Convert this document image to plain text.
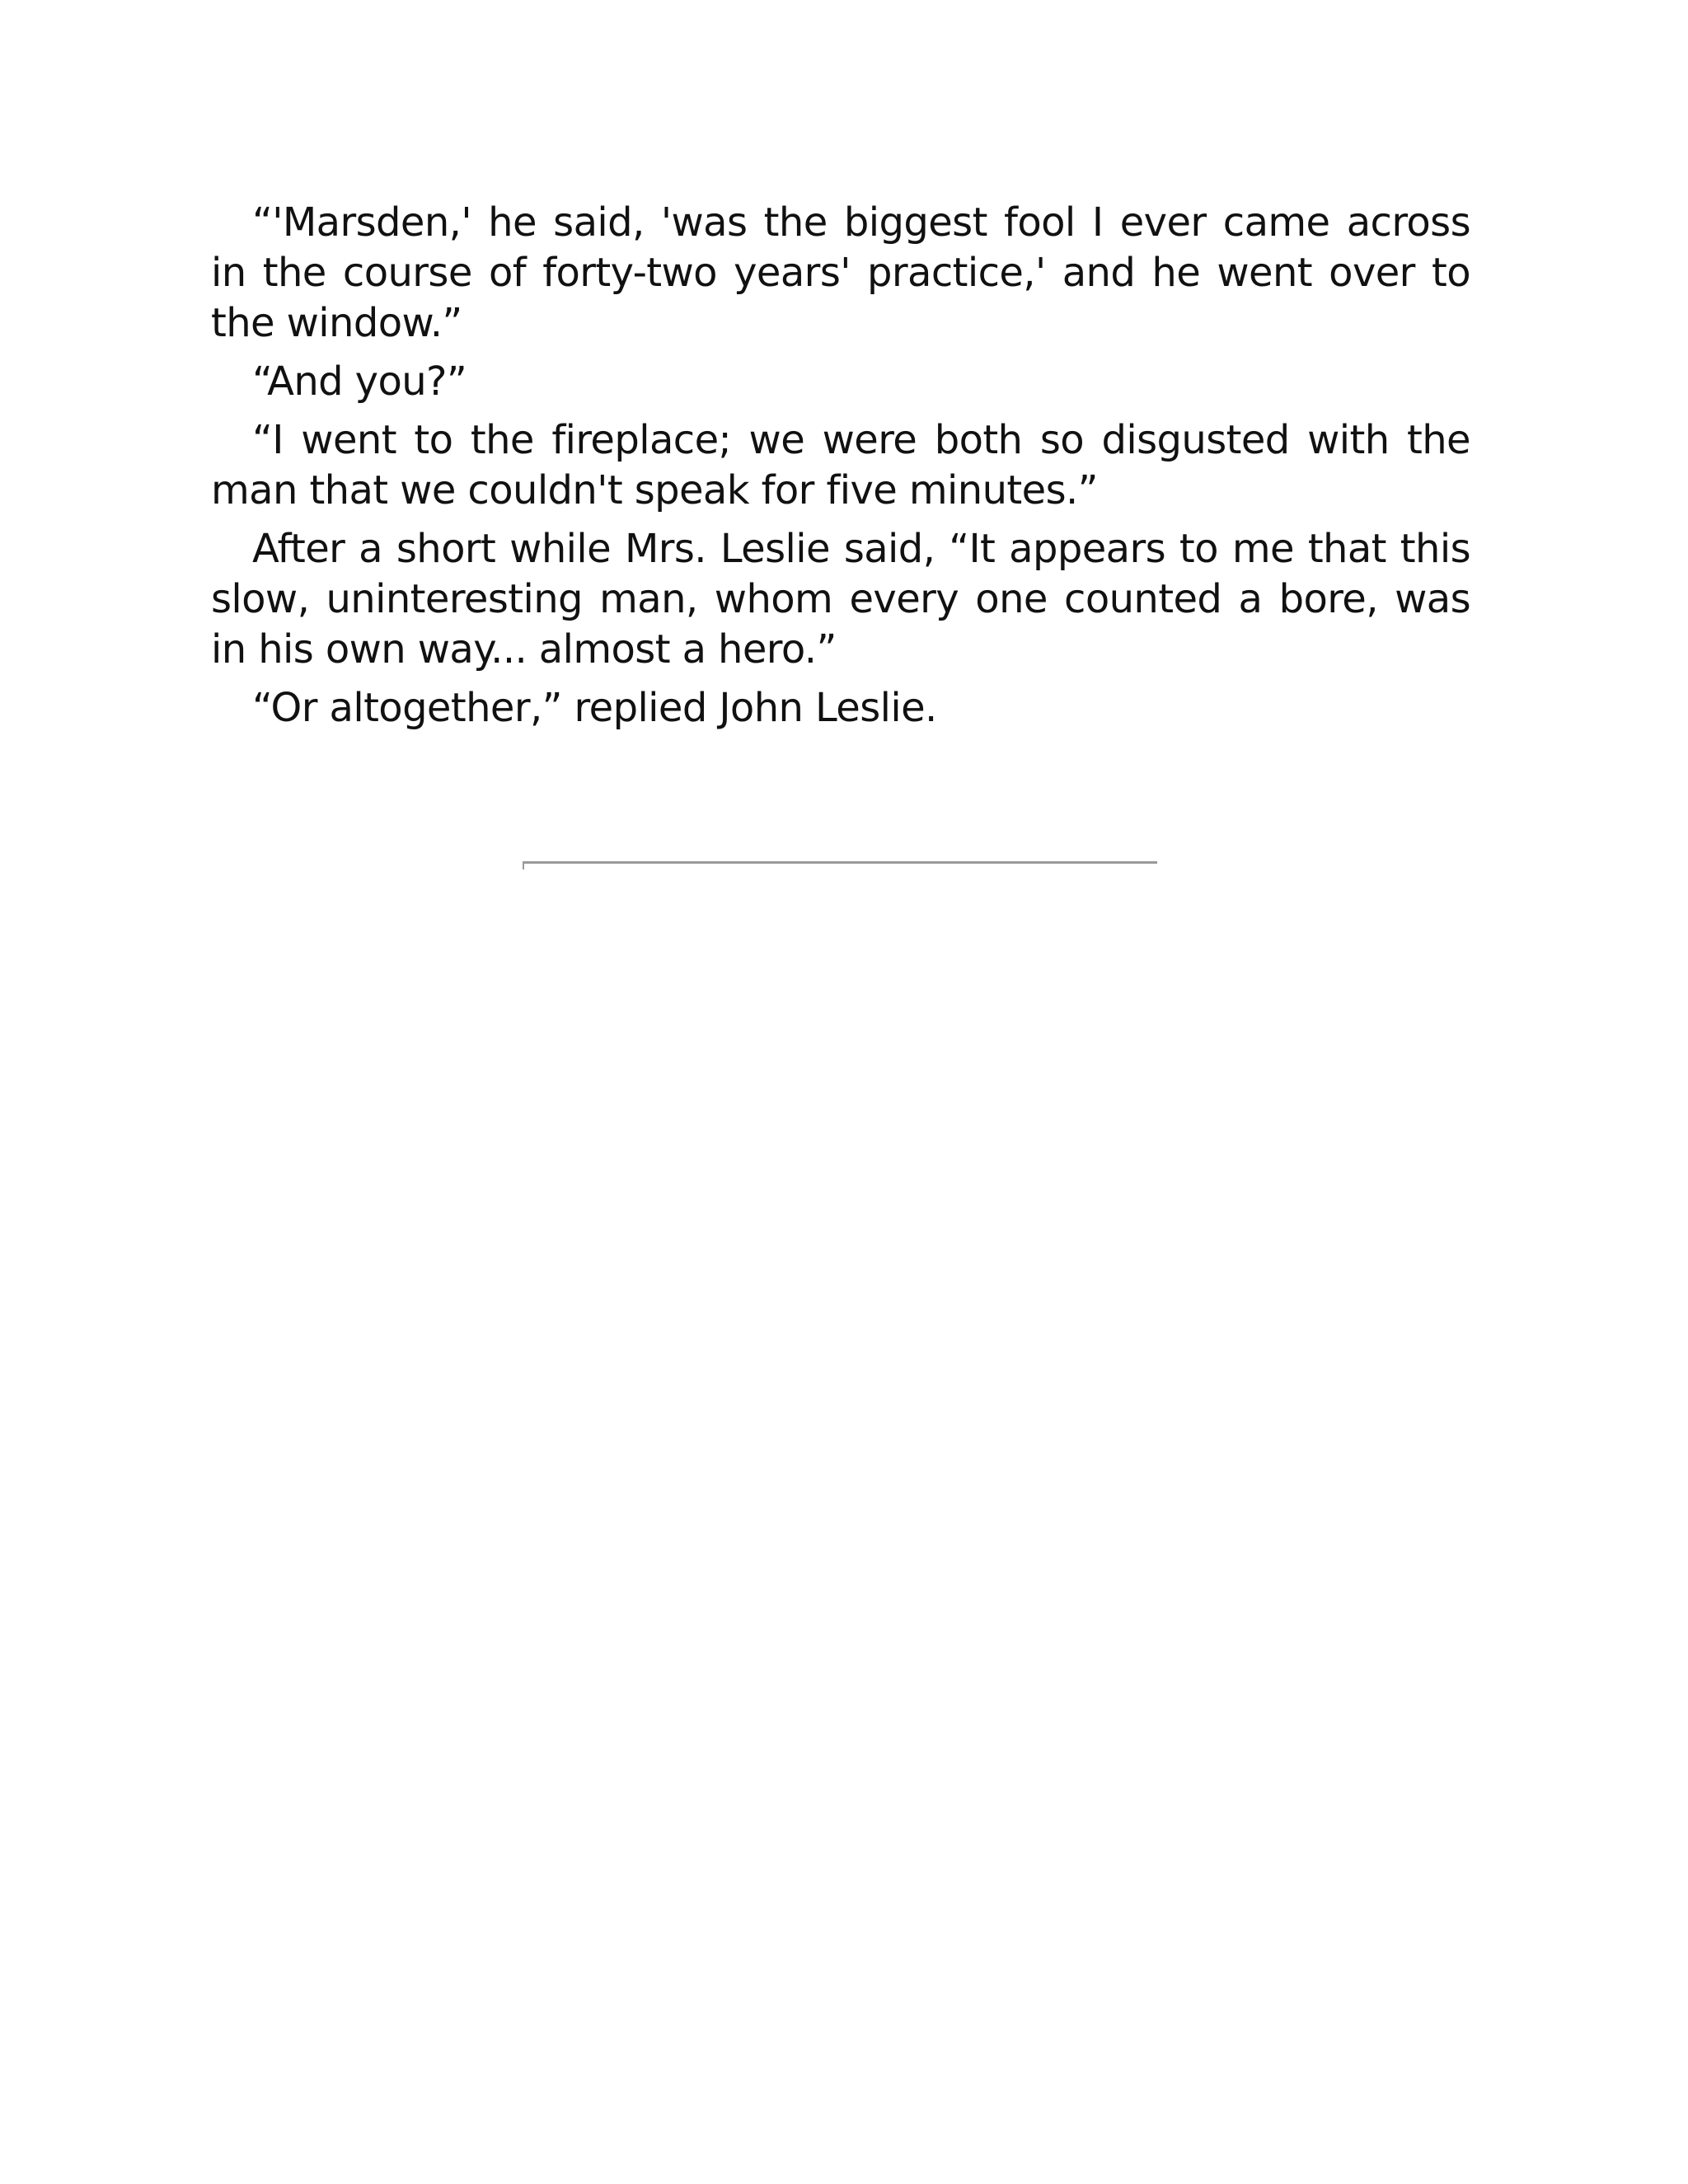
“'Marsden,' he said, 'was the biggest fool I ever came across in the course of forty-two years' practice,' and he went over to the window.”

“And you?”

“I went to the fireplace; we were both so disgusted with the man that we couldn't speak for five minutes.”

After a short while Mrs. Leslie said, “It appears to me that this slow, uninteresting man, whom every one counted a bore, was in his own way... almost a hero.”

“Or altogether,” replied John Leslie.
